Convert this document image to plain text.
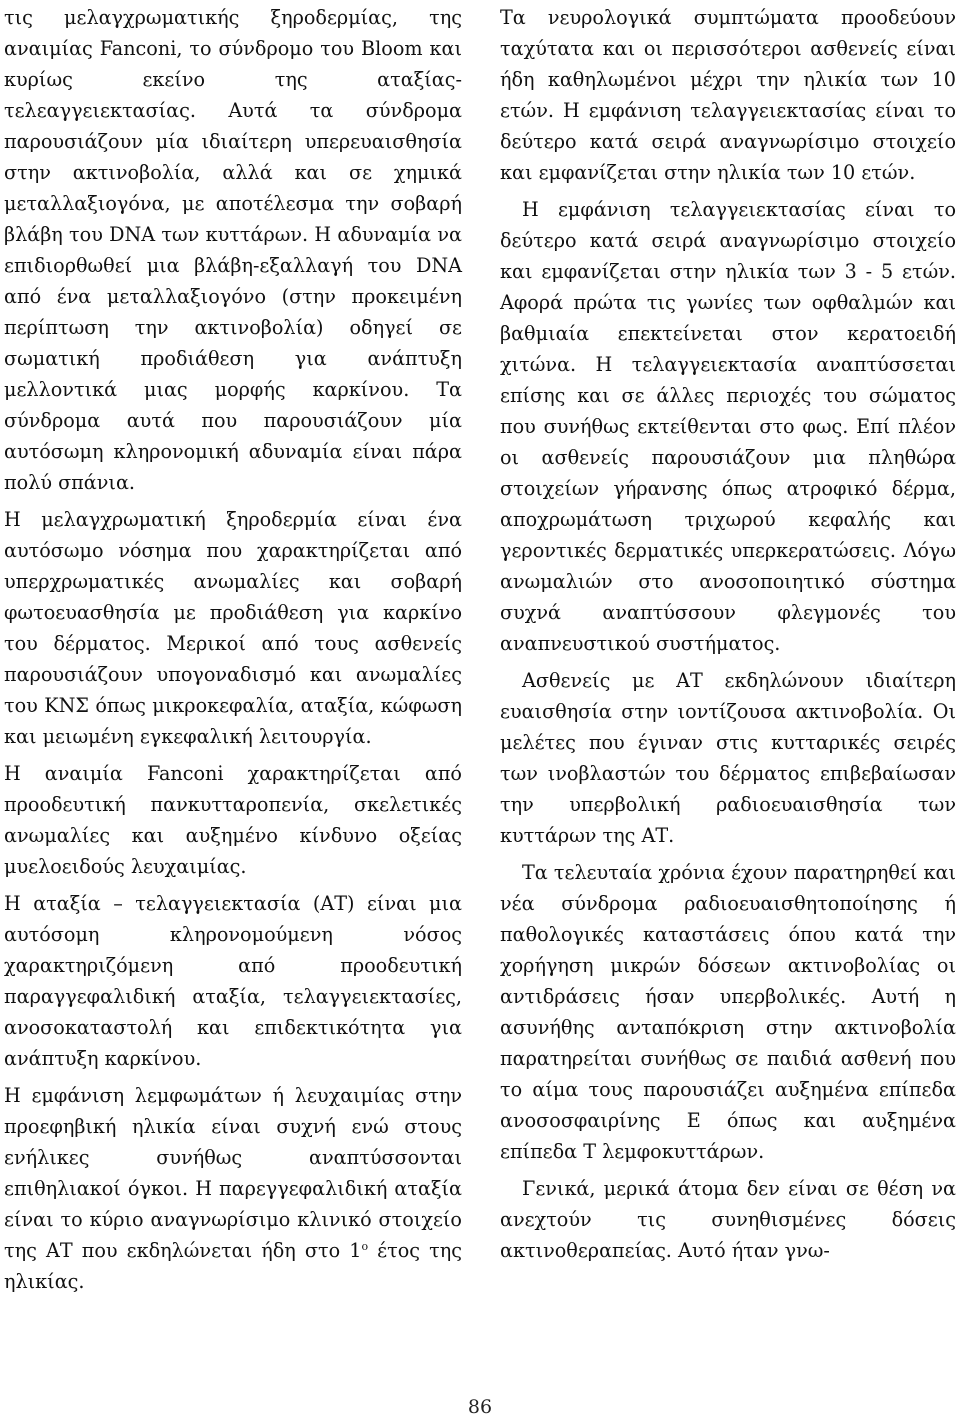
τις μελαγχρωματικής ξηροδερμίας, της αναιμίας Fanconi, το σύνδρομο του Bloom και κυρίως εκείνο της αταξίας-τελεαγγειεκτασίας. Αυτά τα σύνδρομα παρουσιάζουν μία ιδιαίτερη υπερευαισθησία στην ακτινοβολία, αλλά και σε χημικά μεταλλαξιογόνα, με αποτέλεσμα την σοβαρή βλάβη του DNA των κυττάρων. Η αδυναμία να επιδιορθωθεί μια βλάβη-εξαλλαγή του DNA από ένα μεταλλαξιογόνο (στην προκειμένη περίπτωση την ακτινοβολία) οδηγεί σε σωματική προδιάθεση για ανάπτυξη μελλοντικά μιας μορφής καρκίνου. Τα σύνδρομα αυτά που παρουσιάζουν μία αυτόσωμη κληρονομική αδυναμία είναι πάρα πολύ σπάνια.

Η μελαγχρωματική ξηροδερμία είναι ένα αυτόσωμο νόσημα που χαρακτηρίζεται από υπερχρωματικές ανωμαλίες και σοβαρή φωτοευασθησία με προδιάθεση για καρκίνο του δέρματος. Μερικοί από τους ασθενείς παρουσιάζουν υπογοναδισμό και ανωμαλίες του ΚΝΣ όπως μικροκεφαλία, αταξία, κώφωση και μειωμένη εγκεφαλική λειτουργία.

Η αναιμία Fanconi χαρακτηρίζεται από προοδευτική πανκυτταροπενία, σκελετικές ανωμαλίες και αυξημένο κίνδυνο οξείας μυελοειδούς λευχαιμίας.

Η αταξία – τελαγγειεκτασία (ΑΤ) είναι μια αυτόσομη κληρονομούμενη νόσος χαρακτηριζόμενη από προοδευτική παραγγεφαλιδική αταξία, τελαγγειεκτασίες, ανοσοκαταστολή και επιδεκτικότητα για ανάπτυξη καρκίνου.

Η εμφάνιση λεμφωμάτων ή λευχαιμίας στην προεφηβική ηλικία είναι συχνή ενώ στους ενήλικες συνήθως αναπτύσσονται επιθηλιακοί όγκοι. Η παρεγγεφαλιδική αταξία είναι το κύριο αναγνωρίσιμο κλινικό στοιχείο της ΑΤ που εκδηλώνεται ήδη στο $1^o$ έτος της ηλικίας.

Τα νευρολογικά συμπτώματα προοδεύουν ταχύτατα και οι περισσότεροι ασθενείς είναι ήδη καθηλωμένοι μέχρι την ηλικία των 10 ετών. Η εμφάνιση τελαγγειεκτασίας είναι το δεύτερο κατά σειρά αναγνωρίσιμο στοιχείο και εμφανίζεται στην ηλικία των 10 ετών.

Η εμφάνιση τελαγγειεκτασίας είναι το δεύτερο κατά σειρά αναγνωρίσιμο στοιχείο και εμφανίζεται στην ηλικία των 3 - 5 ετών. Αφορά πρώτα τις γωνίες των οφθαλμών και βαθμιαία επεκτείνεται στον κερατοειδή χιτώνα. Η τελαγγειεκτασία αναπτύσσεται επίσης και σε άλλες περιοχές του σώματος που συνήθως εκτείθενται στο φως. Επί πλέον οι ασθενείς παρουσιάζουν μια πληθώρα στοιχείων γήρανσης όπως ατροφικό δέρμα, αποχρωμάτωση τριχωρού κεφαλής και γεροντικές δερματικές υπερκερατώσεις. Λόγω ανωμαλιών στο ανοσοποιητικό σύστημα συχνά αναπτύσσουν φλεγμονές του αναπνευστικού συστήματος.

Ασθενείς με ΑΤ εκδηλώνουν ιδιαίτερη ευαισθησία στην ιοντίζουσα ακτινοβολία. Οι μελέτες που έγιναν στις κυτταρικές σειρές των ινοβλαστών του δέρματος επιβεβαίωσαν την υπερβολική ραδιοευαισθησία των κυττάρων της ΑΤ.

Τα τελευταία χρόνια έχουν παρατηρηθεί και νέα σύνδρομα ραδιοευαισθητοποίησης ή παθολογικές καταστάσεις όπου κατά την χορήγηση μικρών δόσεων ακτινοβολίας οι αντιδράσεις ήσαν υπερβολικές. Αυτή η ασυνήθης ανταπόκριση στην ακτινοβολία παρατηρείται συνήθως σε παιδιά ασθενή που το αίμα τους παρουσιάζει αυξημένα επίπεδα ανοσοσφαιρίνης Ε όπως και αυξημένα επίπεδα Τ λεμφοκυττάρων.

Γενικά, μερικά άτομα δεν είναι σε θέση να ανεχτούν τις συνηθισμένες δόσεις ακτινοθεραπείας. Αυτό ήταν γνω-

86
